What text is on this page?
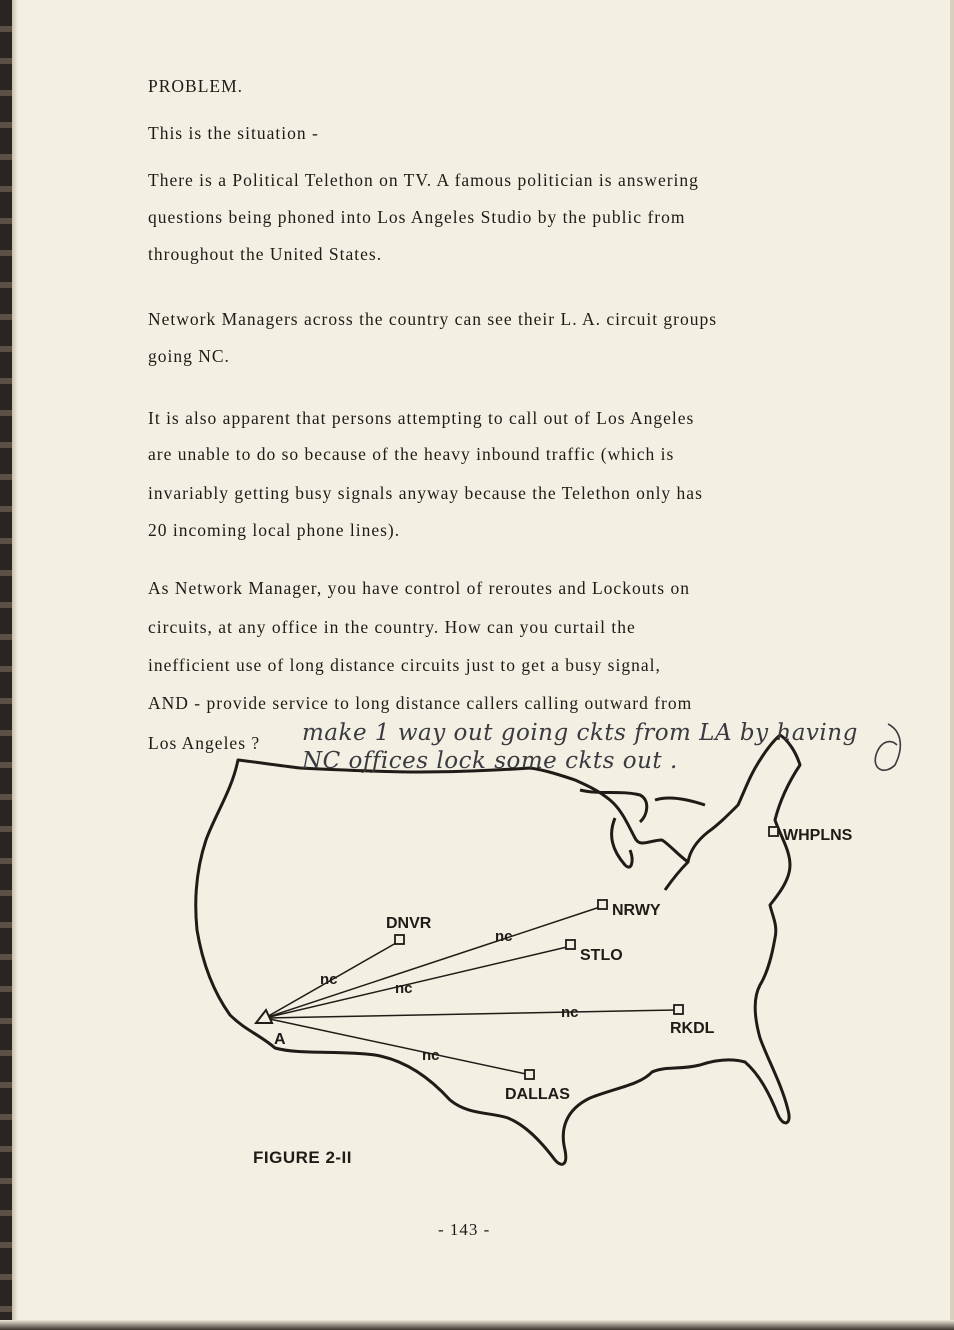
PROBLEM.
This is the situation -
There is a Political Telethon on TV. A famous politician is answering
questions being phoned into Los Angeles Studio by the public from
throughout the United States.
Network Managers across the country can see their L. A. circuit groups
going NC.
It is also apparent that persons attempting to call out of Los Angeles
are unable to do so because of the heavy inbound traffic (which is
invariably getting busy signals anyway because the Telethon only has
20 incoming local phone lines).
As Network Manager, you have control of reroutes and Lockouts on
circuits, at any office in the country. How can you curtail the
inefficient use of long distance circuits just to get a busy signal,
AND - provide service to long distance callers calling outward from
Los Angeles ?
A
DNVR
NRWY
STLO
RKDL
DALLAS
WHPLNS
nc
nc
nc
nc
nc
make 1 way out going ckts from LA by having
NC offices lock some ckts out .
FIGURE 2-II
- 143 -
